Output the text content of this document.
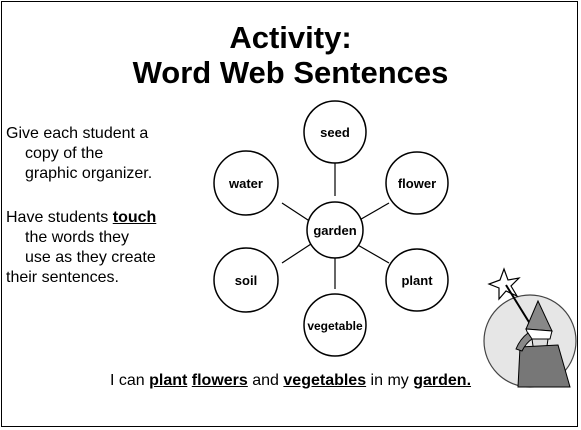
Activity:
Word Web Sentences
Give each student a
copy of the
graphic organizer.
Have students touch
the words they
use as they create
their sentences.
garden
seed
flower
plant
vegetable
soil
water
I can plant flowers and vegetables in my garden.
